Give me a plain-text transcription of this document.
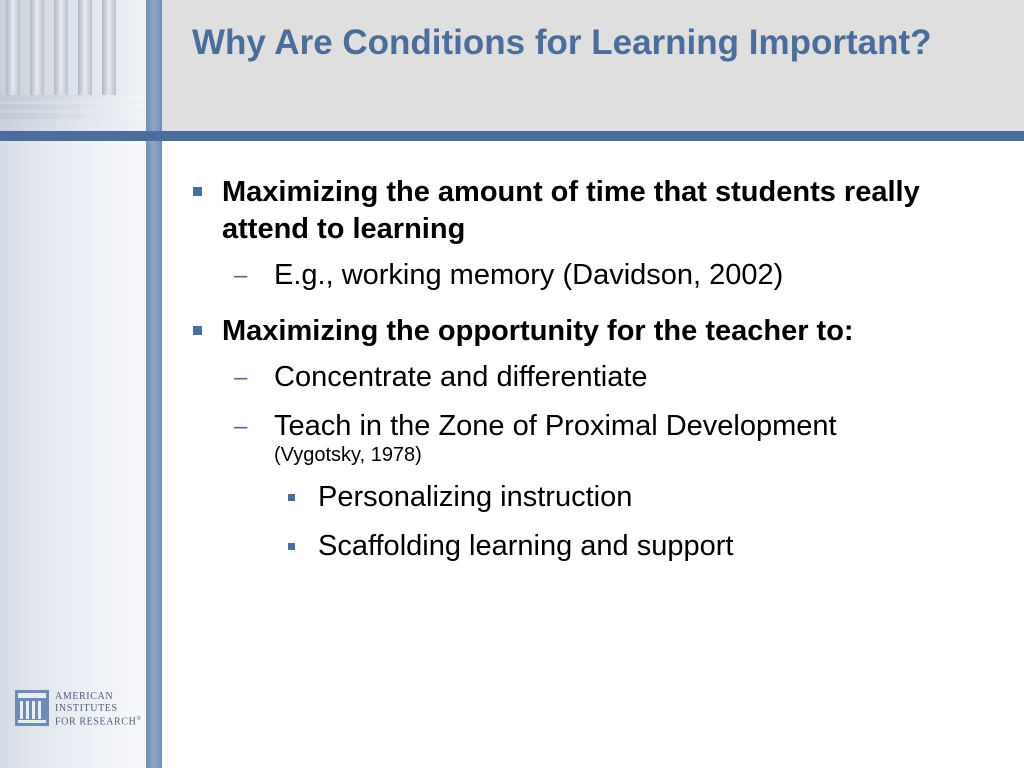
Why Are Conditions for Learning Important?
Maximizing the amount of time that students really attend to learning
– E.g., working memory (Davidson, 2002)
Maximizing the opportunity for the teacher to:
– Concentrate and differentiate
– Teach in the Zone of Proximal Development
(Vygotsky, 1978)
Personalizing instruction
Scaffolding learning and support
AMERICAN
INSTITUTES
FOR RESEARCH®
